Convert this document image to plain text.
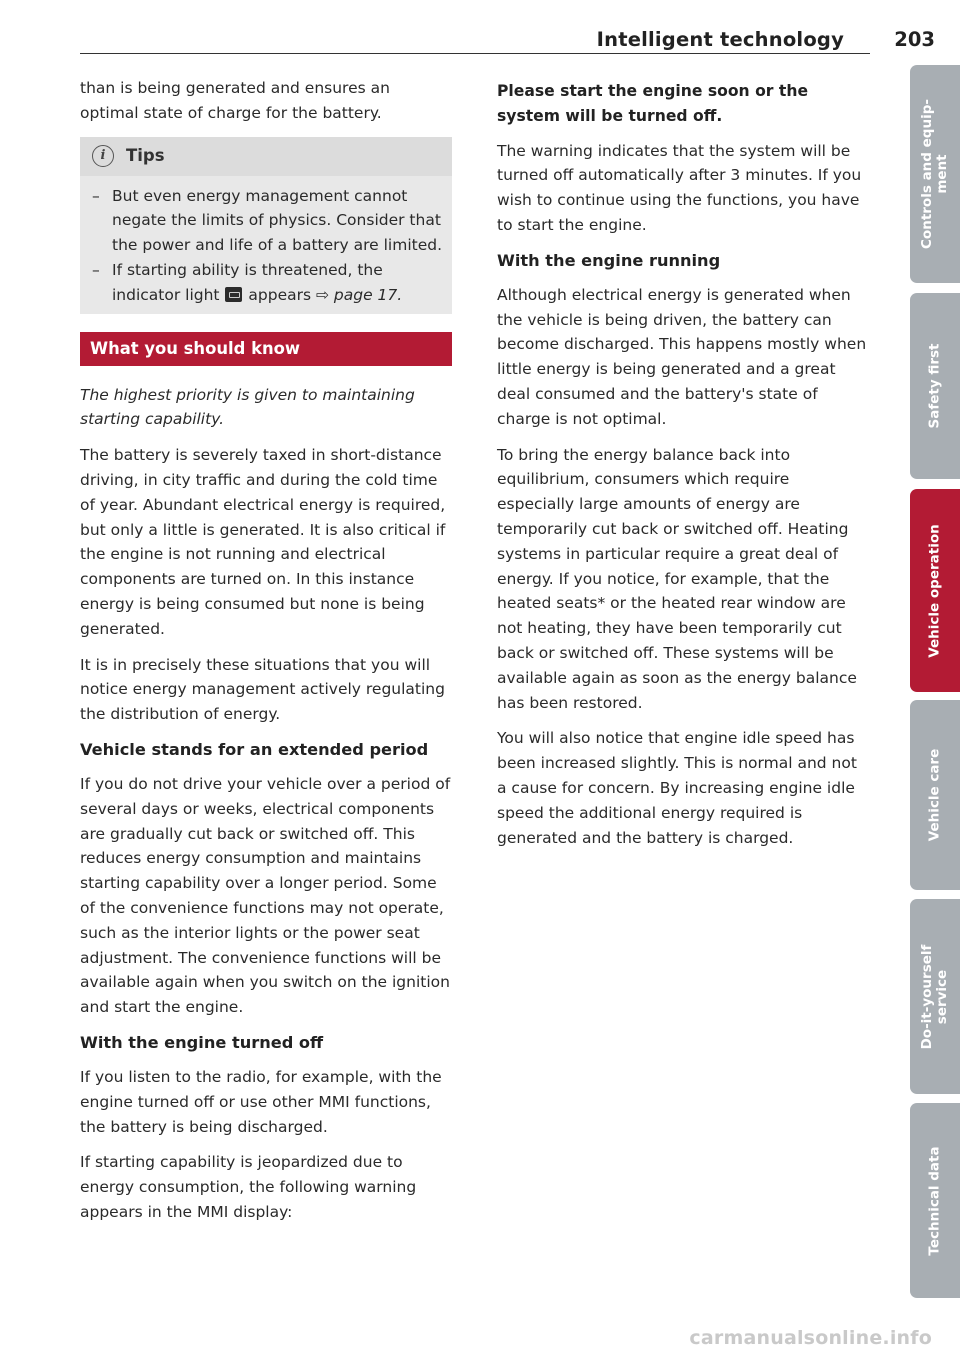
Intelligent technology	203

than is being generated and ensures an optimal state of charge for the battery.

i	Tips
– But even energy management cannot negate the limits of physics. Consider that the power and life of a battery are limited.
– If starting ability is threatened, the indicator light appears ⇨ page 17.
What you should know

The highest priority is given to maintaining starting capability.

The battery is severely taxed in short-distance driving, in city traffic and during the cold time of year. Abundant electrical energy is required, but only a little is generated. It is also critical if the engine is not running and electrical components are turned on. In this instance energy is being consumed but none is being generated.

It is in precisely these situations that you will notice energy management actively regulating the distribution of energy.

Vehicle stands for an extended period

If you do not drive your vehicle over a period of several days or weeks, electrical components are gradually cut back or switched off. This reduces energy consumption and maintains starting capability over a longer period. Some of the convenience functions may not operate, such as the interior lights or the power seat adjustment. The convenience functions will be available again when you switch on the ignition and start the engine.

With the engine turned off

If you listen to the radio, for example, with the engine turned off or use other MMI functions, the battery is being discharged.

If starting capability is jeopardized due to energy consumption, the following warning appears in the MMI display:

Please start the engine soon or the system will be turned off.

The warning indicates that the system will be turned off automatically after 3 minutes. If you wish to continue using the functions, you have to start the engine.

With the engine running

Although electrical energy is generated when the vehicle is being driven, the battery can become discharged. This happens mostly when little energy is being generated and a great deal consumed and the battery's state of charge is not optimal.

To bring the energy balance back into equilibrium, consumers which require especially large amounts of energy are temporarily cut back or switched off. Heating systems in particular require a great deal of energy. If you notice, for example, that the heated seats* or the heated rear window are not heating, they have been temporarily cut back or switched off. These systems will be available again as soon as the energy balance has been restored.

You will also notice that engine idle speed has been increased slightly. This is normal and not a cause for concern. By increasing engine idle speed the additional energy required is generated and the battery is charged.

Controls and equip- ment
Safety first
Vehicle operation
Vehicle care
Do-it-yourself service
Technical data
carmanualsonline.info
